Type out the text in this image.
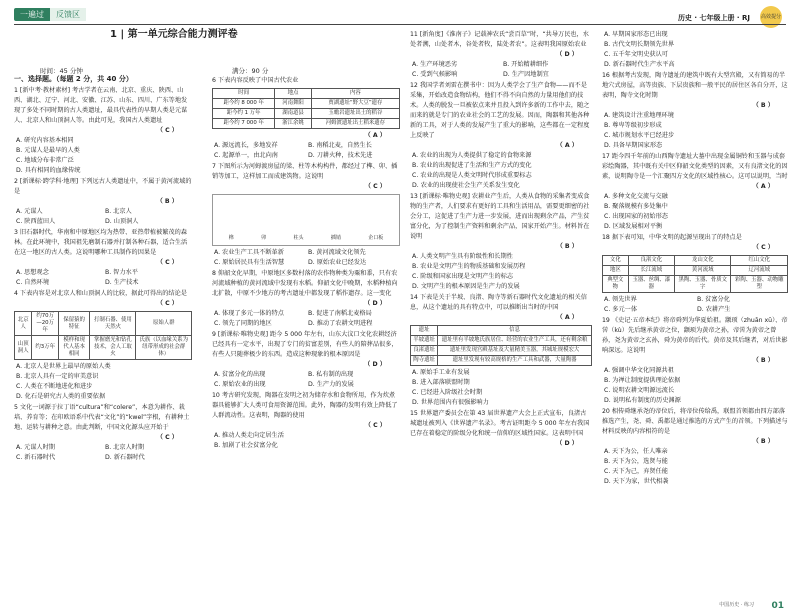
一遍过	反馈区	历史 · 七年级上册 · RJ 高效提分
1 | 第一单元综合能力测评卷
时间：45 分钟	满分：90 分
一、选择题。（每题 2 分，共 40 分）
1 [新中考·教材素材] 考古学者在云南、北京、重庆、陕西、山西、湖北、辽宁、河北、安徽、江苏、山东、四川、广东等地发现了多处不同时期的古人类遗址，最具代表性的早期人类是元谋人、北京人和山顶洞人等。由此可见，我国古人类遗址
（ C ）
A. 研究内容基本相同
B. 元谋人是最早的人类
C. 地域分布非常广泛
D. 具有相同的血缘传统
2 [新课标·跨学科·地理] 下列远古人类遗址中，不属于黄河流域的是
（ B ）
A. 元谋人	B. 北京人
C. 陕西蓝田人	D. 山顶洞人
3 旧石器时代，华南和中原地区均为热带、亚热带植被繁茂的森林。在此环境中，我国祖先磨制石器并打制各种石器，适合生活在这一地区的古人类。这说明哪种工具制作的因果是
（ C ）
A. 思想观念	B. 智力水平
C. 自然环境	D. 生产技术
4 下表内容是对北京人和山顶洞人的比较，据此可得出的结论是
（ C ）
北京人	约70万—20万年	保留猿的特征	打制石器、使用天然火	原始人群
山顶洞人	约3万年	模样和现代人基本相同	掌握磨光和钻孔技术，会人工取火	氏族（以血缘关系为纽带形成的社会群体）
A. 北京人是世界上最早的原始人类
B. 北京人具有一定的审美意识
C. 人类在不断地进化和进步
D. 化石是研究古人类的重要依据
5 文化一词源于拉丁语“cultura”和“colere”，本意为耕作、栽培、养育等；在印欧语系中代表“文化”的“kwel”字根，有耕种土地、运转与耕种之意。由此判断，中国文化源头应开始于
（ C ）
A. 元谋人时期	B. 北京人时期
C. 新石器时代	D. 新石器时代
6 下表内容反映了中国古代农业
时间	地点	内容
距今约 8 000 年	河南舞阳	贾湖遗址“野大豆”遗存
距今约 1 万年	湖南道县	玉蟾岩遗址出土的稻谷
距今约 7 000 年	浙江余姚	河姆渡遗址出土稻米遗存
（ A ）
A. 源远流长，多地发祥	B. 南稻北麦，自然生长
C. 起源单一，由北向南	D. 刀耕火种，技术先进
7 下图所示为河姆渡房屋的梁、柱等木构构件，都经过了榫、卯、插销等加工，这样加工而成建筑物。这说明
（ C ）
榫	卯	柱头	插销	企口板
A. 农业生产工具不断革新	B. 黄河流域文化领先
C. 原始居民具有生活智慧	D. 原始农业已经发达
8 仰韶文化早期，中原地区多数村落的农作物种类为粟和黍，只有农河流域种植的黄河流域中发现有水稻。仰韶文化中晚期，水稻种植向北扩散，中原不少地方的考古遗址中都发现了稻作遗存。这一变化
（ D ）
A. 体现了多元一体的特点	B. 促进了南稻北麦格局
C. 领先了同期的地区	D. 推动了农耕文明进程
9 [新课标·唯物史观] 距今 5 000 年左右，山东大汶口文化农耕经济已经具有一定水平，出现了专门的贫富差别，有些人的陪葬品很多，有些人只随葬极少的东西。造成这种现象的根本原因是
（ D ）
A. 贫富分化的出现	B. 私有制的出现
C. 原始农业的出现	D. 生产力的发展
10 考古研究发现，陶器在发明之初为储存水和食物所用，作为炊煮器具能够扩大人类可食用资源范围。此外，陶器的发明有效上降低了人群流动性。这表明，陶器的使用
（ C ）
A. 推动人类走向定居生活
B. 加剧了社会贫富分化
11 [新角度]《淮南子》记载神农氏“尝百草”时，“共导万民也，水处者溯，山处者木，谷处者牧，陆处者农”。这表明我国原始农业
（ D ）
A. 生产环境恶劣	B. 开始精耕细作
C. 受到气候影响	D. 生产因地制宜
12 我国学者刘雷在撰书中：因为人类学会了生产食物——而不是采集，开始改造食物结构，他们不得不向自然的力量用他们的技术。人类的脱发一旦被依点来并且投入到许多新的工作中去，随之而来的就是专门的农业社会的工艺的发展。因而，陶器和其他各种新的工具，对于人类的发展产生了重大的影响，这些都在一定程度上反映了
（ A ）
A. 农业的出现为人类提供了稳定的食物来源
B. 农业的出现促进了生活和生产方式的变化
C. 农业的出现是人类文明时代形成重要标志
D. 农业的出现使社会生产关系发生变化
13 [新课标·唯物史观] 农耕业产生后，人类从食物的采集者变成食物的生产者，人们要求有更好的工具和生活用品，需要更细密的社会分工，这促进了生产力进一步发展，进而出现剩余产品，产生贫富分化，为了控制生产资料和剩余产品，国家开始产生。材料旨在说明
（ B ）
A. 人类文明产生具有阶级性和长期性
B. 农业是文明产生的物质基础和发展历程
C. 阶级和国家出现是文明产生的标志
D. 文明产生的根本原因是生产力的发展
14 下表是关于半坡、良渚、陶寺等新石器时代文化遗址的相关信息，从这个遗址的具有特点中，可以推断出当时的中国
（ A ）
遗址	信息
半坡遗址	遗址里有半坡地氏族居住、经营的农业生产工具，还有剩余粮
良渚遗址	遗址里发现宫殿基址及大量精美玉器，其城址规模宏大
陶寺遗址	遗址里发现有较高规格的生产工具和武器，大量陶器
A. 原始手工业有发展
B. 进入部落联盟时期
C. 已经进入阶级社会时期
D. 世界范围内有很强影响力
15 世界遗产委员会在第 43 届世界遗产大会上正式宣布，良渚古城遗址被列入《世界遗产名录》。考古证明距今 5 000 年左右我国已存在着稳定的阶级分化和统一信仰的区域性国家。这表明中国
（ D ）
A. 早期国家形态已出现
B. 古代文明长期领先世界
C. 五千年文明史获认可
D. 新石器时代生产水平高
16 根据考古发现，陶寺遗址的建筑中既有大型宫殿，又有简易的半地穴式房屋，高等贵族、下层贵族和一般平民的居住区各自分开，这表明，陶寺文化时期
（ B ）
A. 建筑设计注重地理环境
B. 尊卑等级初步形成
C. 城市规划水平已经进步
D. 具备早期国家形态
17 距今四千年前的山西陶寺遗址大墓中出现金属铜铃和玉器与成套彩绘陶器，其中既有关中区仰韶文化类型的因素，又有良渚文化的因素，说明陶寺是一个汇聚四方文化的区域性核心。这可以说明，当时
（ A ）
A. 多种文化交流与交融
B. 聚落规模有多处集中
C. 出现国家的初始形态
D. 区域发展相对平衡
18 据下表可知，中华文明的起源呈现出了的特点是
（ C ）
文化	良渚文化	龙山文化	红山文化
地区	长江流域	黄河流域	辽河流域
典型文物	玉器、丝绸、漆器	黑陶、玉器、骨质文字	彩陶、玉器、动物雕塑
A. 领先世界	B. 贫富分化
C. 多元一体	D. 农耕产生
19 《史记·五帝本纪》将帝舜列为华夏始祖。颛顼（zhuān xū）、帝喾（kù）先后继承黄帝之位，颛顼为黄帝之孙，帝喾为黄帝之曾孙，尧为黄帝之玄孙，舜为黄帝的后代。黄帝及其后继者，对后世影响深远。这说明
（ B ）
A. 强调中华文化同源共祖
B. 为禅让制度提供理论依据
C. 说明农耕文明源远流长
D. 说明私有制度的历史渊源
20 相传舜继承尧的帝位后，将帝位传给禹，联盟首领都由四方部落推选产生，尧、舜、禹都是通过推选的方式产生的首领。下列描述与材料反映的内容相符的是
（ B ）
A. 天下为公，任人唯亲
B. 天下为公，选贤与能
C. 天下为己，弃贤任能
D. 天下为家，世代相袭
中国历史 · 练习 01
